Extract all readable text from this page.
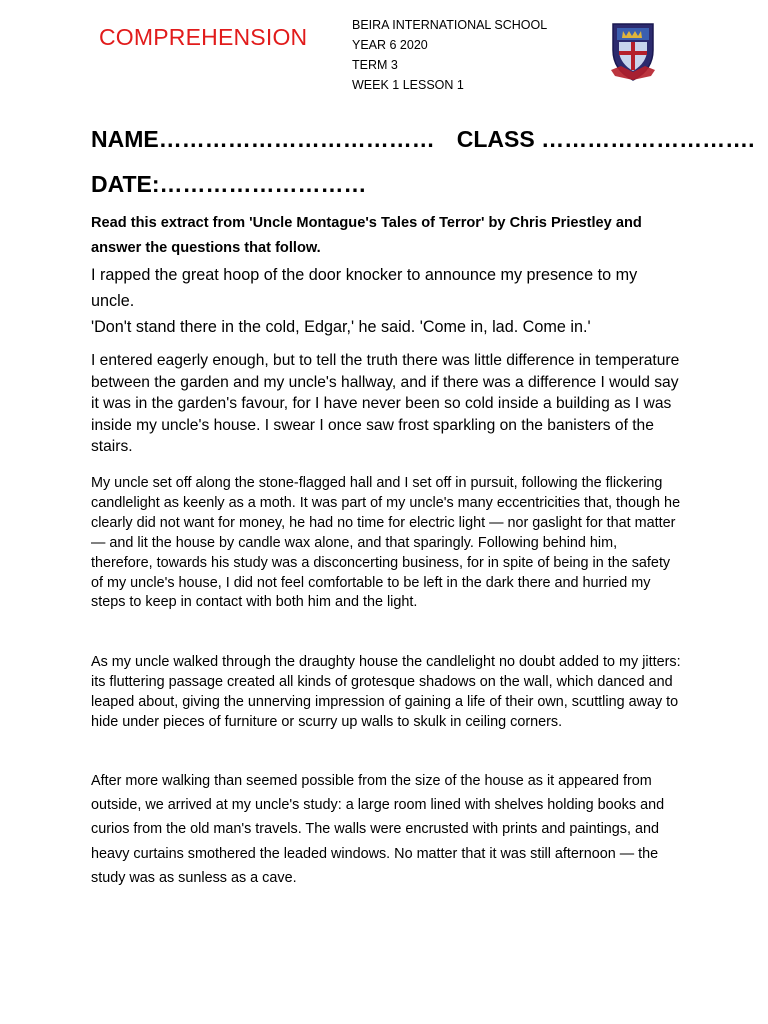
COMPREHENSION	BEIRA INTERNATIONAL SCHOOL
YEAR 6 2020
TERM 3
WEEK 1 LESSON 1
NAME……………………………… CLASS ……………………….
DATE:………………………
Read this extract from 'Uncle Montague's Tales of Terror' by Chris Priestley and answer the questions that follow.
I rapped the great hoop of the door knocker to announce my presence to my uncle.
'Don't stand there in the cold, Edgar,' he said. 'Come in, lad. Come in.'

I entered eagerly enough, but to tell the truth there was little difference in temperature between the garden and my uncle's hallway, and if there was a difference I would say it was in the garden's favour, for I have never been so cold inside a building as I was inside my uncle's house. I swear I once saw frost sparkling on the banisters of the stairs.

My uncle set off along the stone-flagged hall and I set off in pursuit, following the flickering candlelight as keenly as a moth. It was part of my uncle's many eccentricities that, though he clearly did not want for money, he had no time for electric light — nor gaslight for that matter — and lit the house by candle wax alone, and that sparingly. Following behind him, therefore, towards his study was a disconcerting business, for in spite of being in the safety of my uncle's house, I did not feel comfortable to be left in the dark there and hurried my steps to keep in contact with both him and the light.

As my uncle walked through the draughty house the candlelight no doubt added to my jitters: its fluttering passage created all kinds of grotesque shadows on the wall, which danced and leaped about, giving the unnerving impression of gaining a life of their own, scuttling away to hide under pieces of furniture or scurry up walls to skulk in ceiling corners.

After more walking than seemed possible from the size of the house as it appeared from outside, we arrived at my uncle's study: a large room lined with shelves holding books and curios from the old man's travels. The walls were encrusted with prints and paintings, and heavy curtains smothered the leaded windows. No matter that it was still afternoon — the study was as sunless as a cave.
